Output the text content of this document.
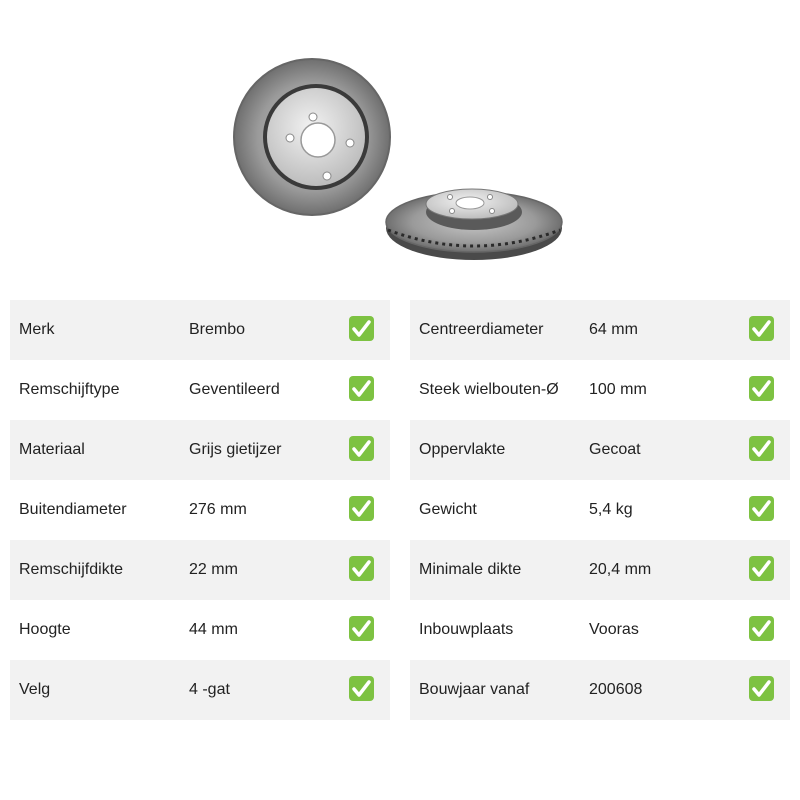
Merk	Brembo
Remschijftype	Geventileerd
Materiaal	Grijs gietijzer
Buitendiameter	276 mm
Remschijfdikte	22 mm
Hoogte	44 mm
Velg	4 -gat
Centreerdiameter	64 mm
Steek wielbouten-Ø 100 mm
Oppervlakte	Gecoat
Gewicht	5,4 kg
Minimale dikte	20,4 mm
Inbouwplaats	Vooras
Bouwjaar vanaf	200608
